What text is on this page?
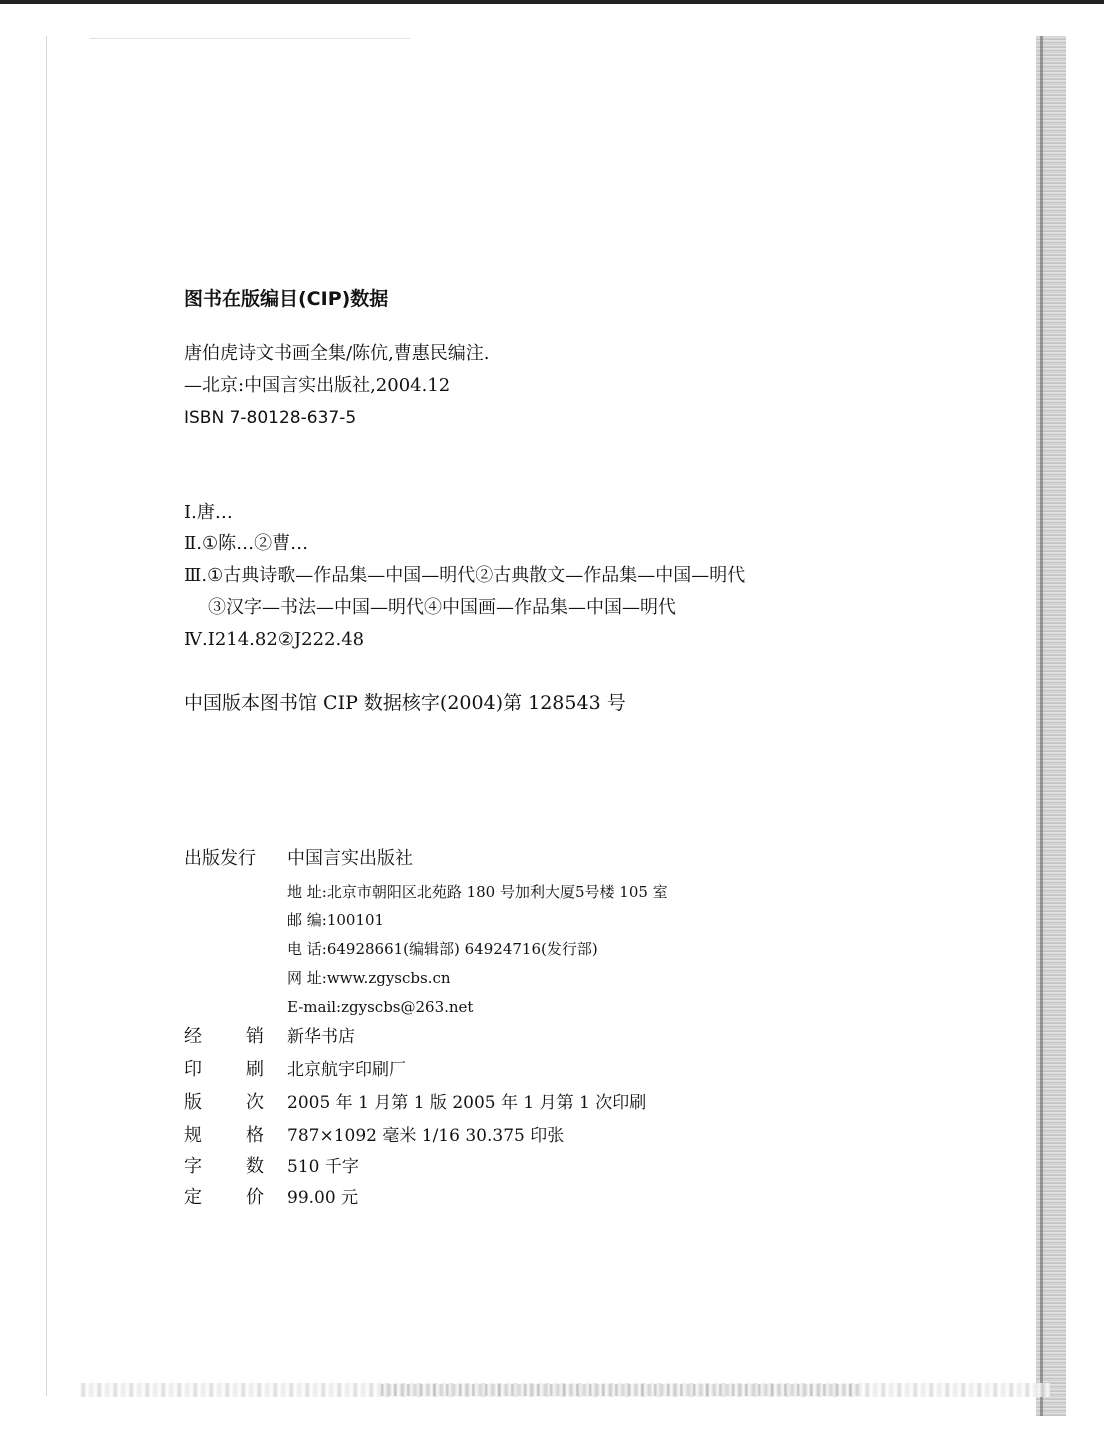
图书在版编目(CIP)数据
唐伯虎诗文书画全集/陈伉,曹惠民编注.
—北京:中国言实出版社,2004.12
ISBN 7-80128-637-5
Ⅰ.唐…
Ⅱ.①陈…②曹…
Ⅲ.①古典诗歌—作品集—中国—明代②古典散文—作品集—中国—明代
③汉字—书法—中国—明代④中国画—作品集—中国—明代
Ⅳ.I214.82②J222.48
中国版本图书馆 CIP 数据核字(2004)第 128543 号
出版发行 中国言实出版社
地 址:北京市朝阳区北苑路 180 号加利大厦5号楼 105 室
邮 编:100101
电 话:64928661(编辑部) 64924716(发行部)
网 址:www.zgyscbs.cn
E-mail:zgyscbs@263.net
经 销 新华书店
印 刷 北京航宇印刷厂
版 次 2005 年 1 月第 1 版 2005 年 1 月第 1 次印刷
规 格 787×1092 毫米 1/16 30.375 印张
字 数 510 千字
定 价 99.00 元
